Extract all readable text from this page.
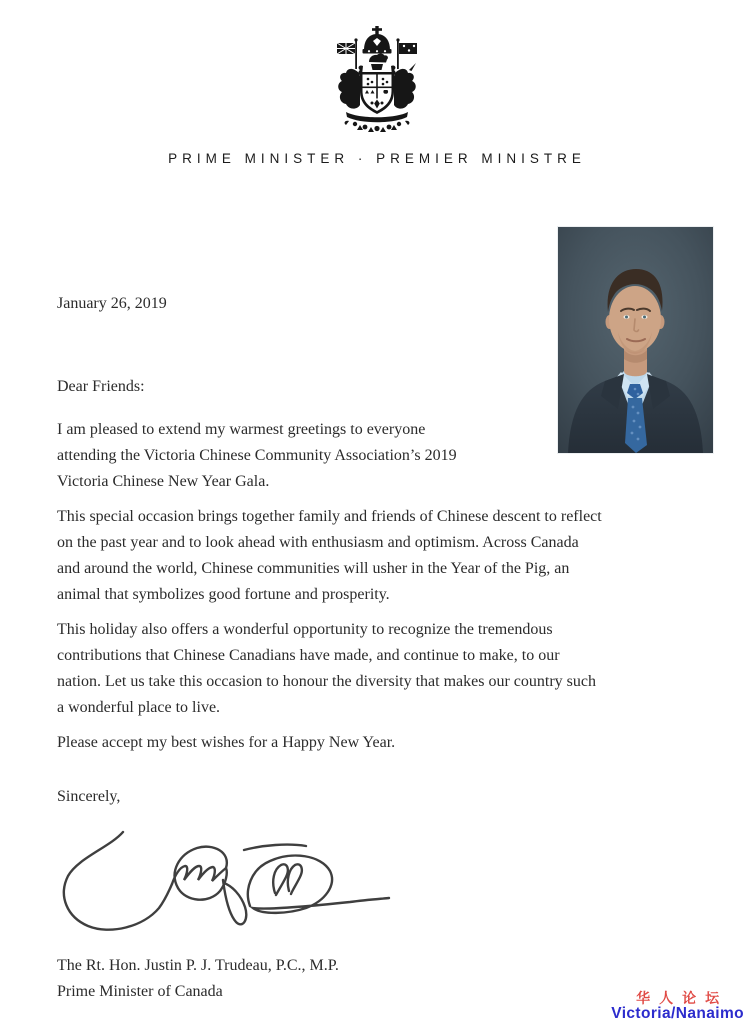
PRIME MINISTER · PREMIER MINISTRE
January 26, 2019
Dear Friends:
I am pleased to extend my warmest greetings to everyone
attending the Victoria Chinese Community Association’s 2019
Victoria Chinese New Year Gala.
This special occasion brings together family and friends of Chinese descent to reflect
on the past year and to look ahead with enthusiasm and optimism. Across Canada
and around the world, Chinese communities will usher in the Year of the Pig, an
animal that symbolizes good fortune and prosperity.
This holiday also offers a wonderful opportunity to recognize the tremendous
contributions that Chinese Canadians have made, and continue to make, to our
nation. Let us take this occasion to honour the diversity that makes our country such
a wonderful place to live.
Please accept my best wishes for a Happy New Year.
Sincerely,
The Rt. Hon. Justin P. J. Trudeau, P.C., M.P.
Prime Minister of Canada	华人论坛
Victoria/Nanaimo
